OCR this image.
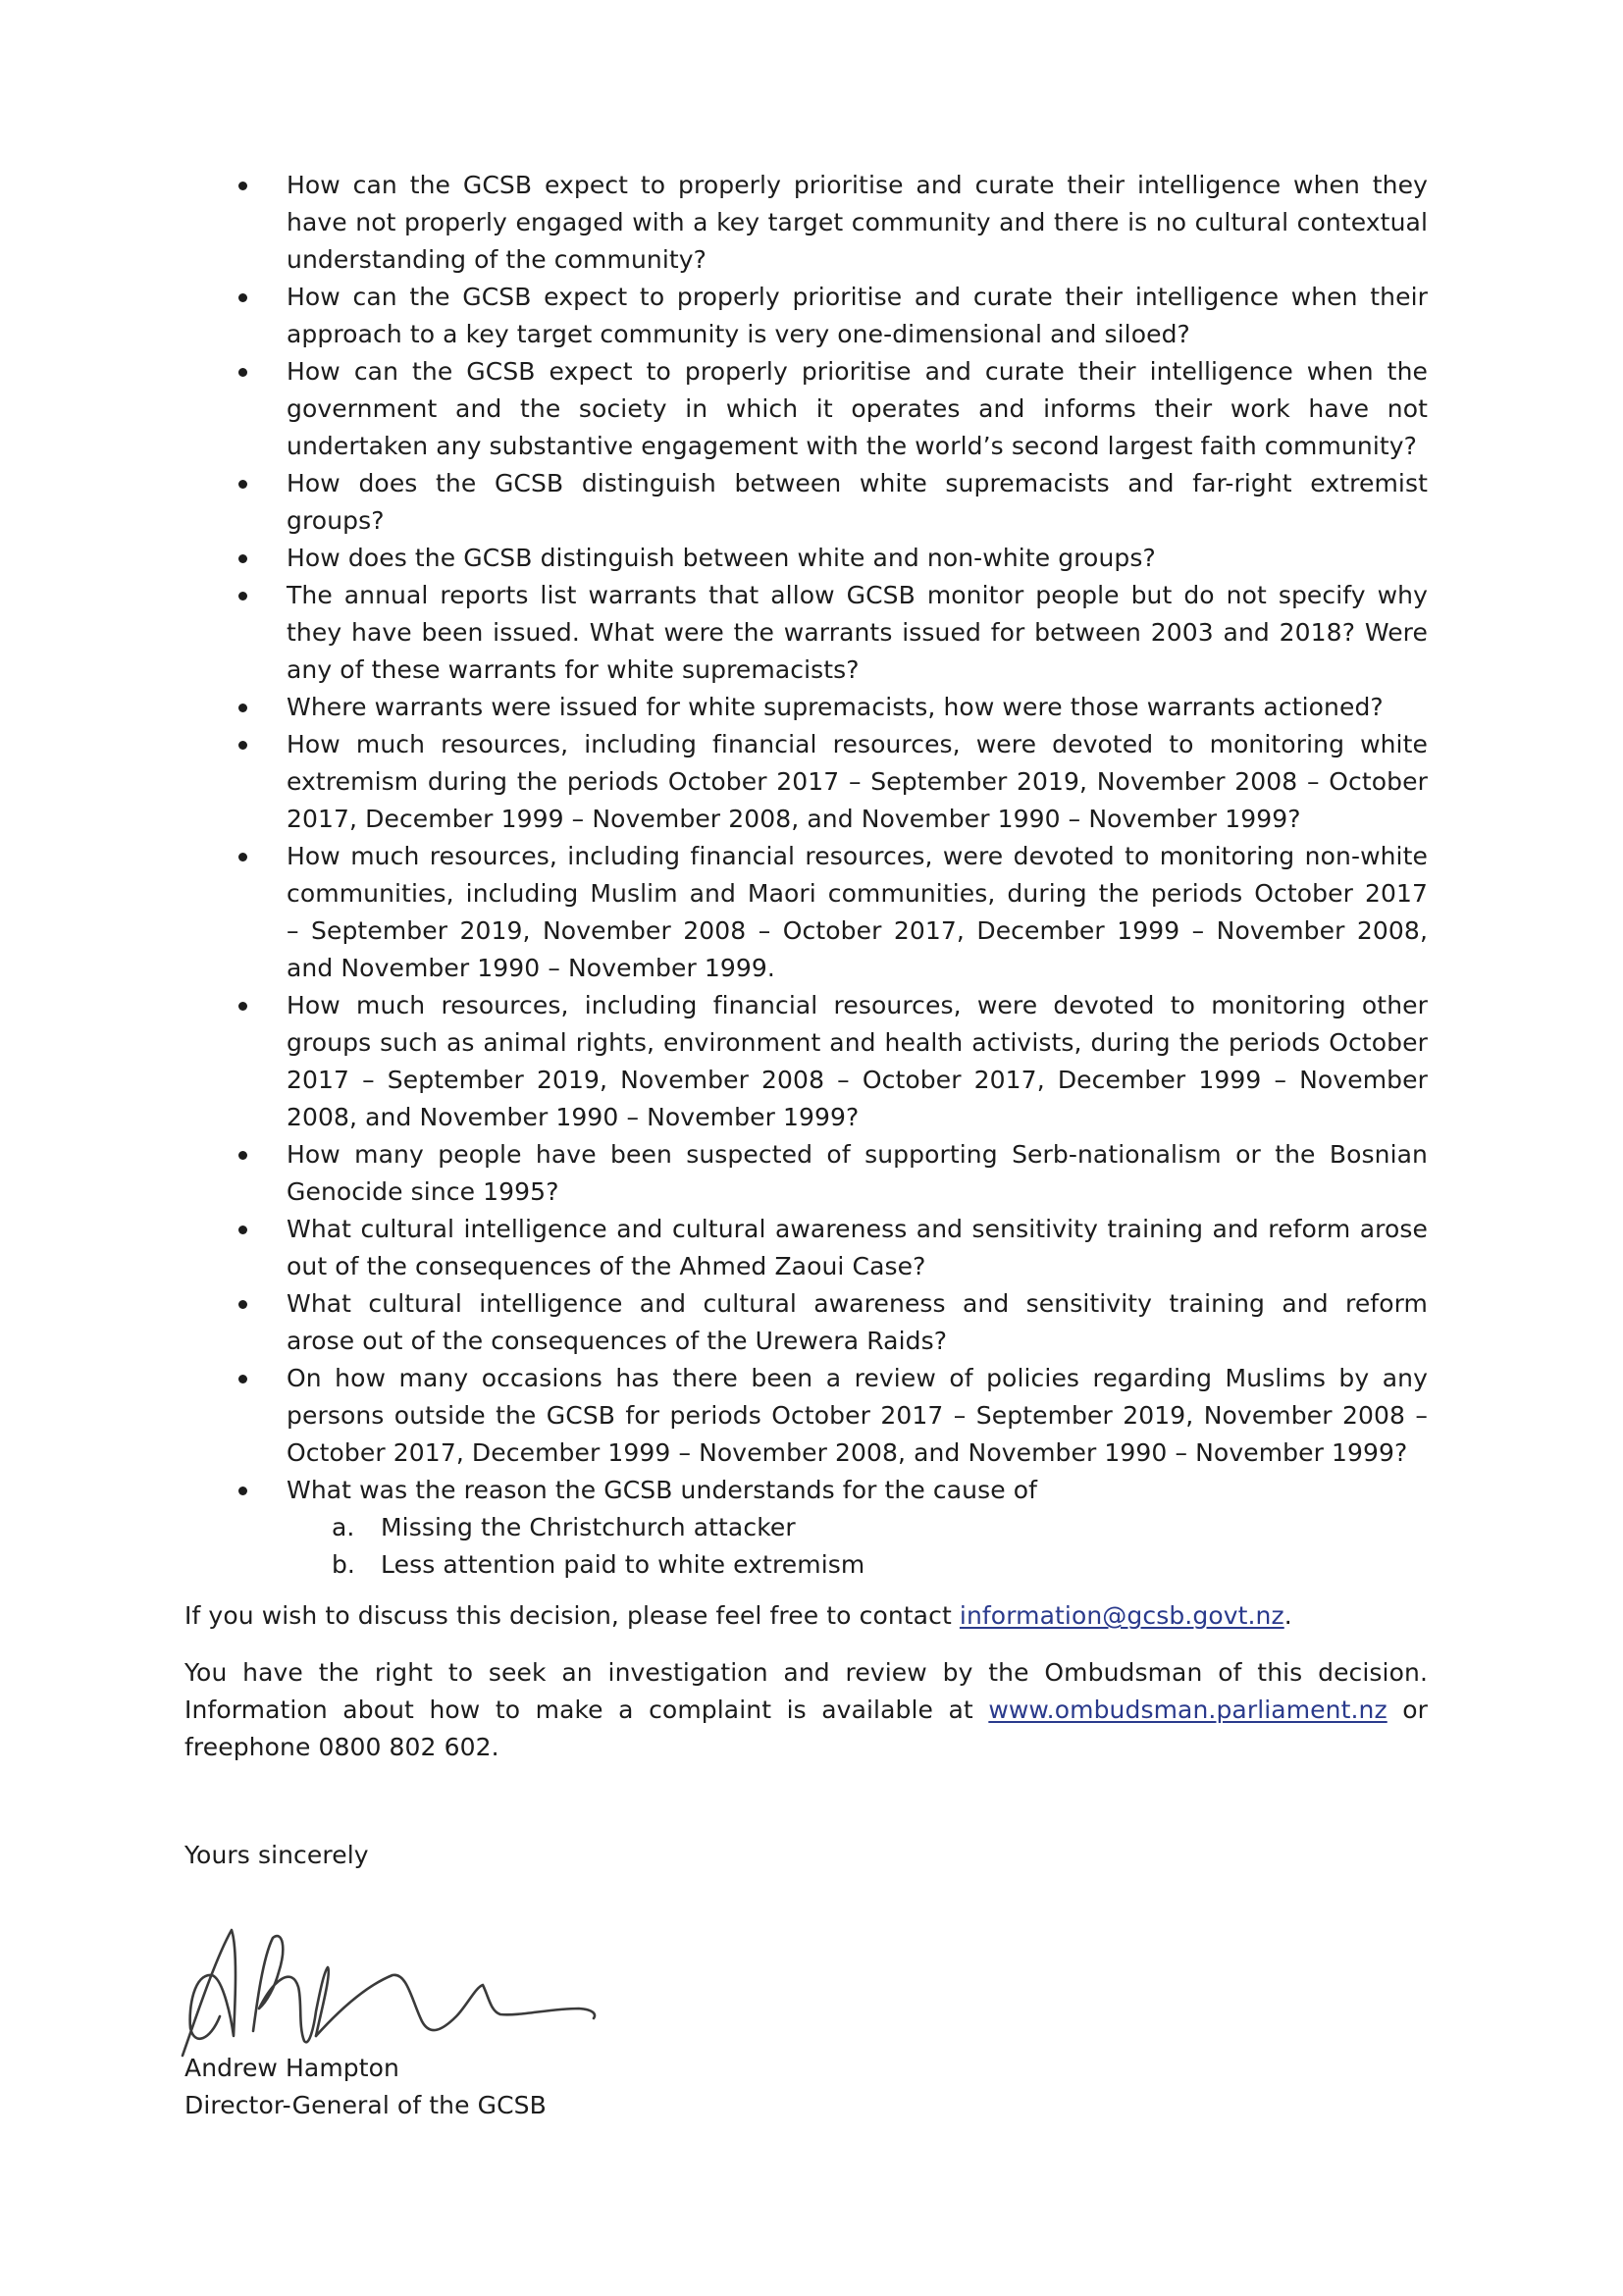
How can the GCSB expect to properly prioritise and curate their intelligence when they
have not properly engaged with a key target community and there is no cultural contextual
understanding of the community?
How can the GCSB expect to properly prioritise and curate their intelligence when their
approach to a key target community is very one-dimensional and siloed?
How can the GCSB expect to properly prioritise and curate their intelligence when the
government and the society in which it operates and informs their work have not
undertaken any substantive engagement with the world’s second largest faith community?
How does the GCSB distinguish between white supremacists and far-right extremist
groups?
How does the GCSB distinguish between white and non-white groups?
The annual reports list warrants that allow GCSB monitor people but do not specify why
they have been issued. What were the warrants issued for between 2003 and 2018? Were
any of these warrants for white supremacists?
Where warrants were issued for white supremacists, how were those warrants actioned?
How much resources, including financial resources, were devoted to monitoring white
extremism during the periods October 2017 – September 2019, November 2008 – October
2017, December 1999 – November 2008, and November 1990 – November 1999?
How much resources, including financial resources, were devoted to monitoring non-white
communities, including Muslim and Maori communities, during the periods October 2017
– September 2019, November 2008 – October 2017, December 1999 – November 2008,
and November 1990 – November 1999.
How much resources, including financial resources, were devoted to monitoring other
groups such as animal rights, environment and health activists, during the periods October
2017 – September 2019, November 2008 – October 2017, December 1999 – November
2008, and November 1990 – November 1999?
How many people have been suspected of supporting Serb-nationalism or the Bosnian
Genocide since 1995?
What cultural intelligence and cultural awareness and sensitivity training and reform arose
out of the consequences of the Ahmed Zaoui Case?
What cultural intelligence and cultural awareness and sensitivity training and reform
arose out of the consequences of the Urewera Raids?
On how many occasions has there been a review of policies regarding Muslims by any
persons outside the GCSB for periods October 2017 – September 2019, November 2008 –
October 2017, December 1999 – November 2008, and November 1990 – November 1999?
What was the reason the GCSB understands for the cause of
a. Missing the Christchurch attacker
b. Less attention paid to white extremism
If you wish to discuss this decision, please feel free to contact information@gcsb.govt.nz.
You have the right to seek an investigation and review by the Ombudsman of this decision.
Information about how to make a complaint is available at www.ombudsman.parliament.nz or
freephone 0800 802 602.
Yours sincerely
Andrew Hampton
Director-General of the GCSB
